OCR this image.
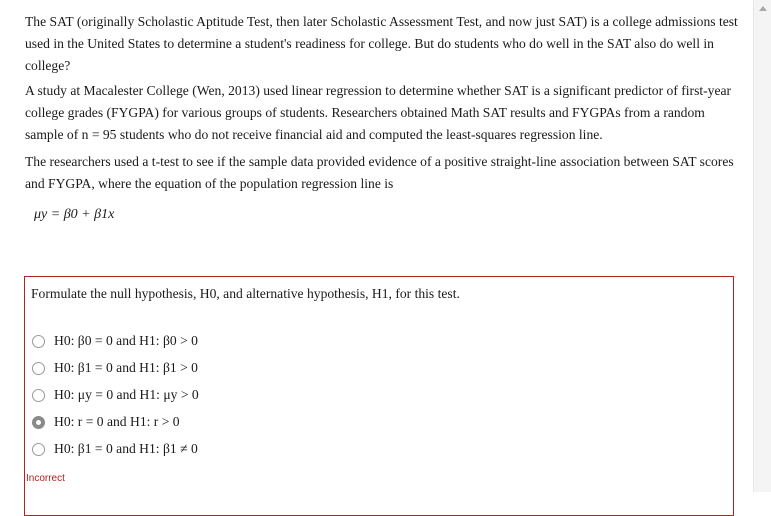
The SAT (originally Scholastic Aptitude Test, then later Scholastic Assessment Test, and now just SAT) is a college admissions test used in the United States to determine a student's readiness for college. But do students who do well in the SAT also do well in college?

A study at Macalester College (Wen, 2013) used linear regression to determine whether SAT is a significant predictor of first-year college grades (FYGPA) for various groups of students. Researchers obtained Math SAT results and FYGPAs from a random sample of n = 95 students who do not receive financial aid and computed the least-squares regression line.

The researchers used a t-test to see if the sample data provided evidence of a positive straight-line association between SAT scores and FYGPA, where the equation of the population regression line is

μy = β0 + β1x
Formulate the null hypothesis, H0, and alternative hypothesis, H1, for this test.
H0: β0 = 0 and H1: β0 > 0
H0: β1 = 0 and H1: β1 > 0
H0: μy = 0 and H1: μy > 0
H0: r = 0 and H1: r > 0
H0: β1 = 0 and H1: β1 ≠ 0
Incorrect
